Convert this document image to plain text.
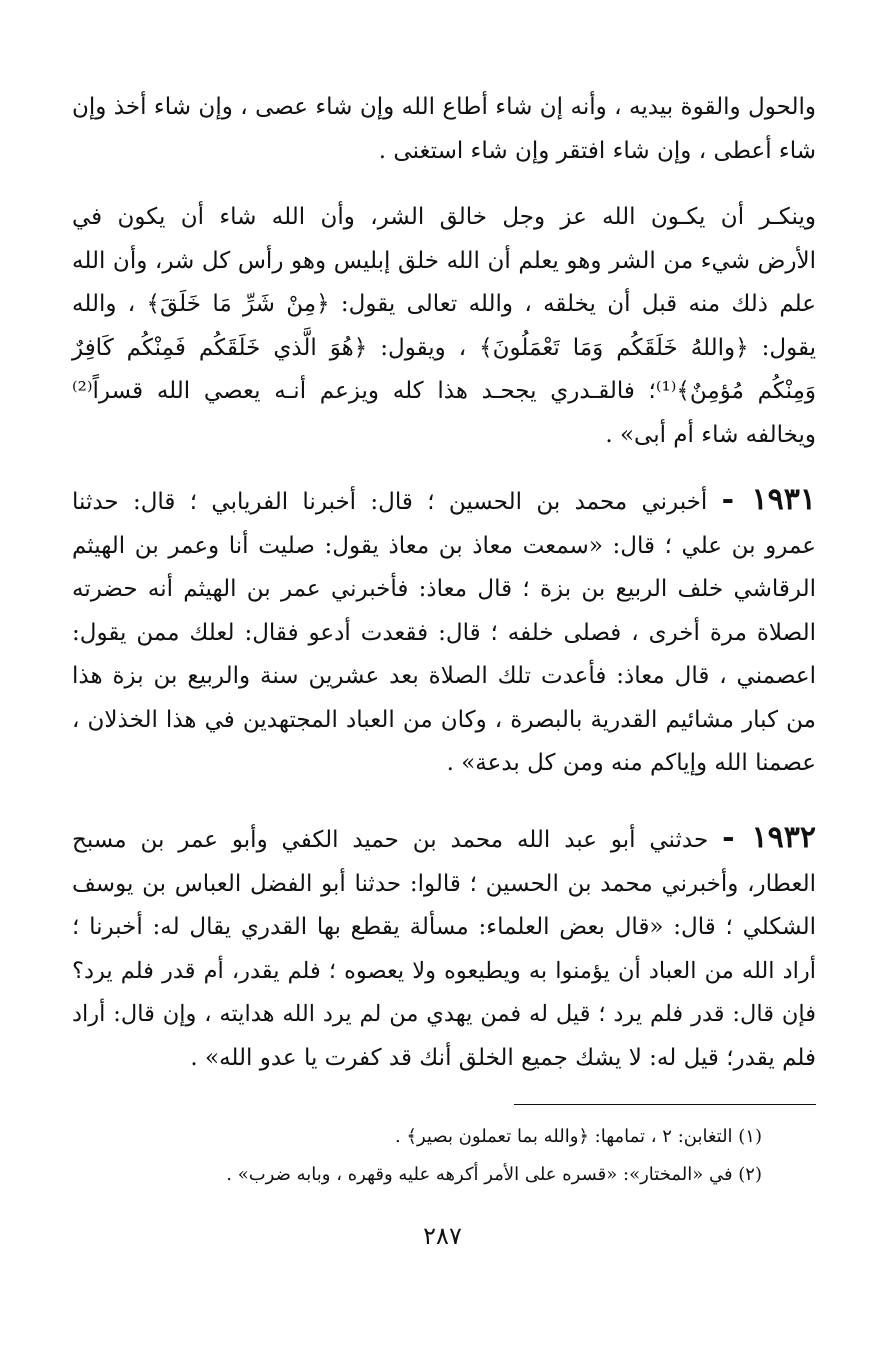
والحول والقوة بيديه ، وأنه إن شاء أطاع الله وإن شاء عصى ، وإن شاء أخذ وإن
شاء أعطى ، وإن شاء افتقر وإن شاء استغنى .
وينكـر أن يكـون الله عز وجل خالق الشر، وأن الله شاء أن يكون في
الأرض شيء من الشر وهو يعلم أن الله خلق إبليس وهو رأس كل شر، وأن الله
علم ذلك منه قبل أن يخلقه ، والله تعالى يقول: ﴿مِنْ شَرِّ مَا خَلَقَ﴾ ، والله
يقول: ﴿واللهُ خَلَقَكُم وَمَا تَعْمَلُونَ﴾ ، ويقول: ﴿هُوَ الَّذي خَلَقَكُم فَمِنْكُم كَافِرٌ
وَمِنْكُم مُؤمِنٌ﴾⁽¹⁾؛ فالقـدري يجحـد هذا كله ويزعم أنـه يعصي الله قسراً⁽²⁾
ويخالفه شاء أم أبى» .
١٩٣١ - أخبرني محمد بن الحسين ؛ قال: أخبرنا الفريابي ؛ قال: حدثنا
عمرو بن علي ؛ قال: «سمعت معاذ بن معاذ يقول: صليت أنا وعمر بن الهيثم
الرقاشي خلف الربيع بن بزة ؛ قال معاذ: فأخبرني عمر بن الهيثم أنه حضرته
الصلاة مرة أخرى ، فصلى خلفه ؛ قال: فقعدت أدعو فقال: لعلك ممن يقول:
اعصمني ، قال معاذ: فأعدت تلك الصلاة بعد عشرين سنة والربيع بن بزة هذا
من كبار مشائيم القدرية بالبصرة ، وكان من العباد المجتهدين في هذا الخذلان ،
عصمنا الله وإياكم منه ومن كل بدعة» .
١٩٣٢ - حدثني أبو عبد الله محمد بن حميد الكفي وأبو عمر بن مسبح
العطار، وأخبرني محمد بن الحسين ؛ قالوا: حدثنا أبو الفضل العباس بن يوسف
الشكلي ؛ قال: «قال بعض العلماء: مسألة يقطع بها القدري يقال له: أخبرنا ؛
أراد الله من العباد أن يؤمنوا به ويطيعوه ولا يعصوه ؛ فلم يقدر، أم قدر فلم يرد؟
فإن قال: قدر فلم يرد ؛ قيل له فمن يهدي من لم يرد الله هدايته ، وإن قال: أراد
فلم يقدر؛ قيل له: لا يشك جميع الخلق أنك قد كفرت يا عدو الله» .
(١) التغابن: ٢ ، تمامها: ﴿والله بما تعملون بصير﴾ .
(٢) في «المختار»: «قسره على الأمر أكرهه عليه وقهره ، وبابه ضرب» .
٢٨٧
